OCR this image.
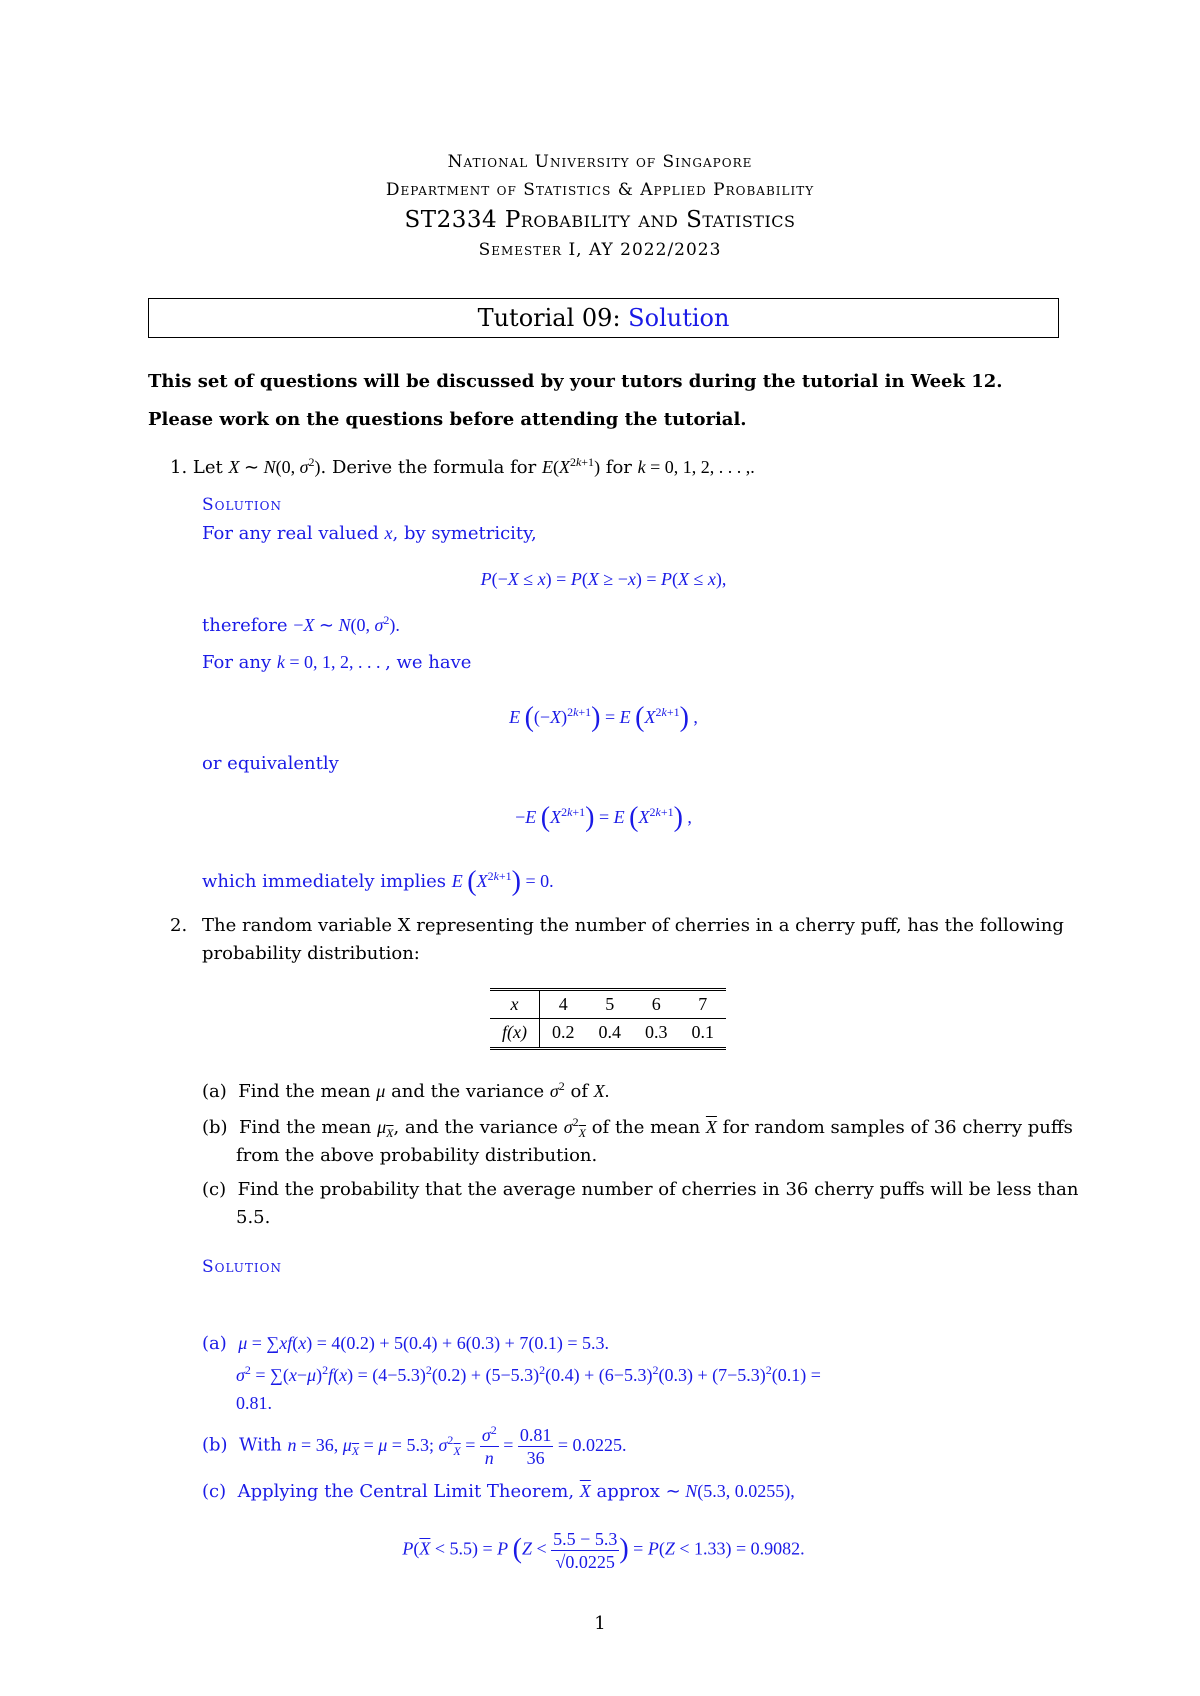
National University of Singapore
Department of Statistics & Applied Probability
ST2334 Probability and Statistics
Semester I, AY 2022/2023
Tutorial 09: Solution
This set of questions will be discussed by your tutors during the tutorial in Week 12.
Please work on the questions before attending the tutorial.
1. Let X ∼ N(0, $\sigma^2$). Derive the formula for $E(X^{2k+1})$ for k = 0, 1, 2, . . . ,.
Solution
For any real valued x, by symetricity,
P(−X ≤ x) = P(X ≥ −x) = P(X ≤ x),
therefore −X ∼ N(0, $\sigma^2$).
For any k = 0, 1, 2, . . . , we have
E $((-X)^{2k+1}) = E$ $(X^{2k+1})$ ,
or equivalently
−E $(X^{2k+1}) = E$ $(X^{2k+1})$ ,
which immediately implies E $(X^{2k+1}) = 0$.
2. The random variable X representing the number of cherries in a cherry puff, has the following
probability distribution:
x	4	5	6	7
f(x)	0.2	0.4	0.3	0.1
(a) Find the mean μ and the variance $\sigma^2$ of X.
(b) Find the mean $\mu_{\overline{X}}$, and the variance $\sigma^2_{\overline{X}}$ of the mean $\overline{X}$ for random samples of 36 cherry puffs
from the above probability distribution.
(c) Find the probability that the average number of cherries in 36 cherry puffs will be less than
5.5.
Solution
(a) μ = ∑xf(x) = 4(0.2) + 5(0.4) + 6(0.3) + 7(0.1) = 5.3.
$\sigma^2 = \sum(x-\mu)^2f(x) = (4-5.3)^2(0.2) + (5-5.3)^2(0.4) + (6-5.3)^2(0.3) + (7-5.3)^2(0.1)$ =
0.81.
(b) With n = 36, $\mu_{\overline{X}} = \mu = 5.3$; $\sigma^2_{\overline{X}} = \frac{\sigma^2}{n} = \frac{0.81}{36} = 0.0225$.
(c) Applying the Central Limit Theorem, $\overline{X}$ approx ∼ N(5.3, 0.0255),
$P(\overline{X} < 5.5) = P$ ($Z < \frac{5.5 - 5.3}{√0.0225}$ ) = P(Z < 1.33) = 0.9082.
1
